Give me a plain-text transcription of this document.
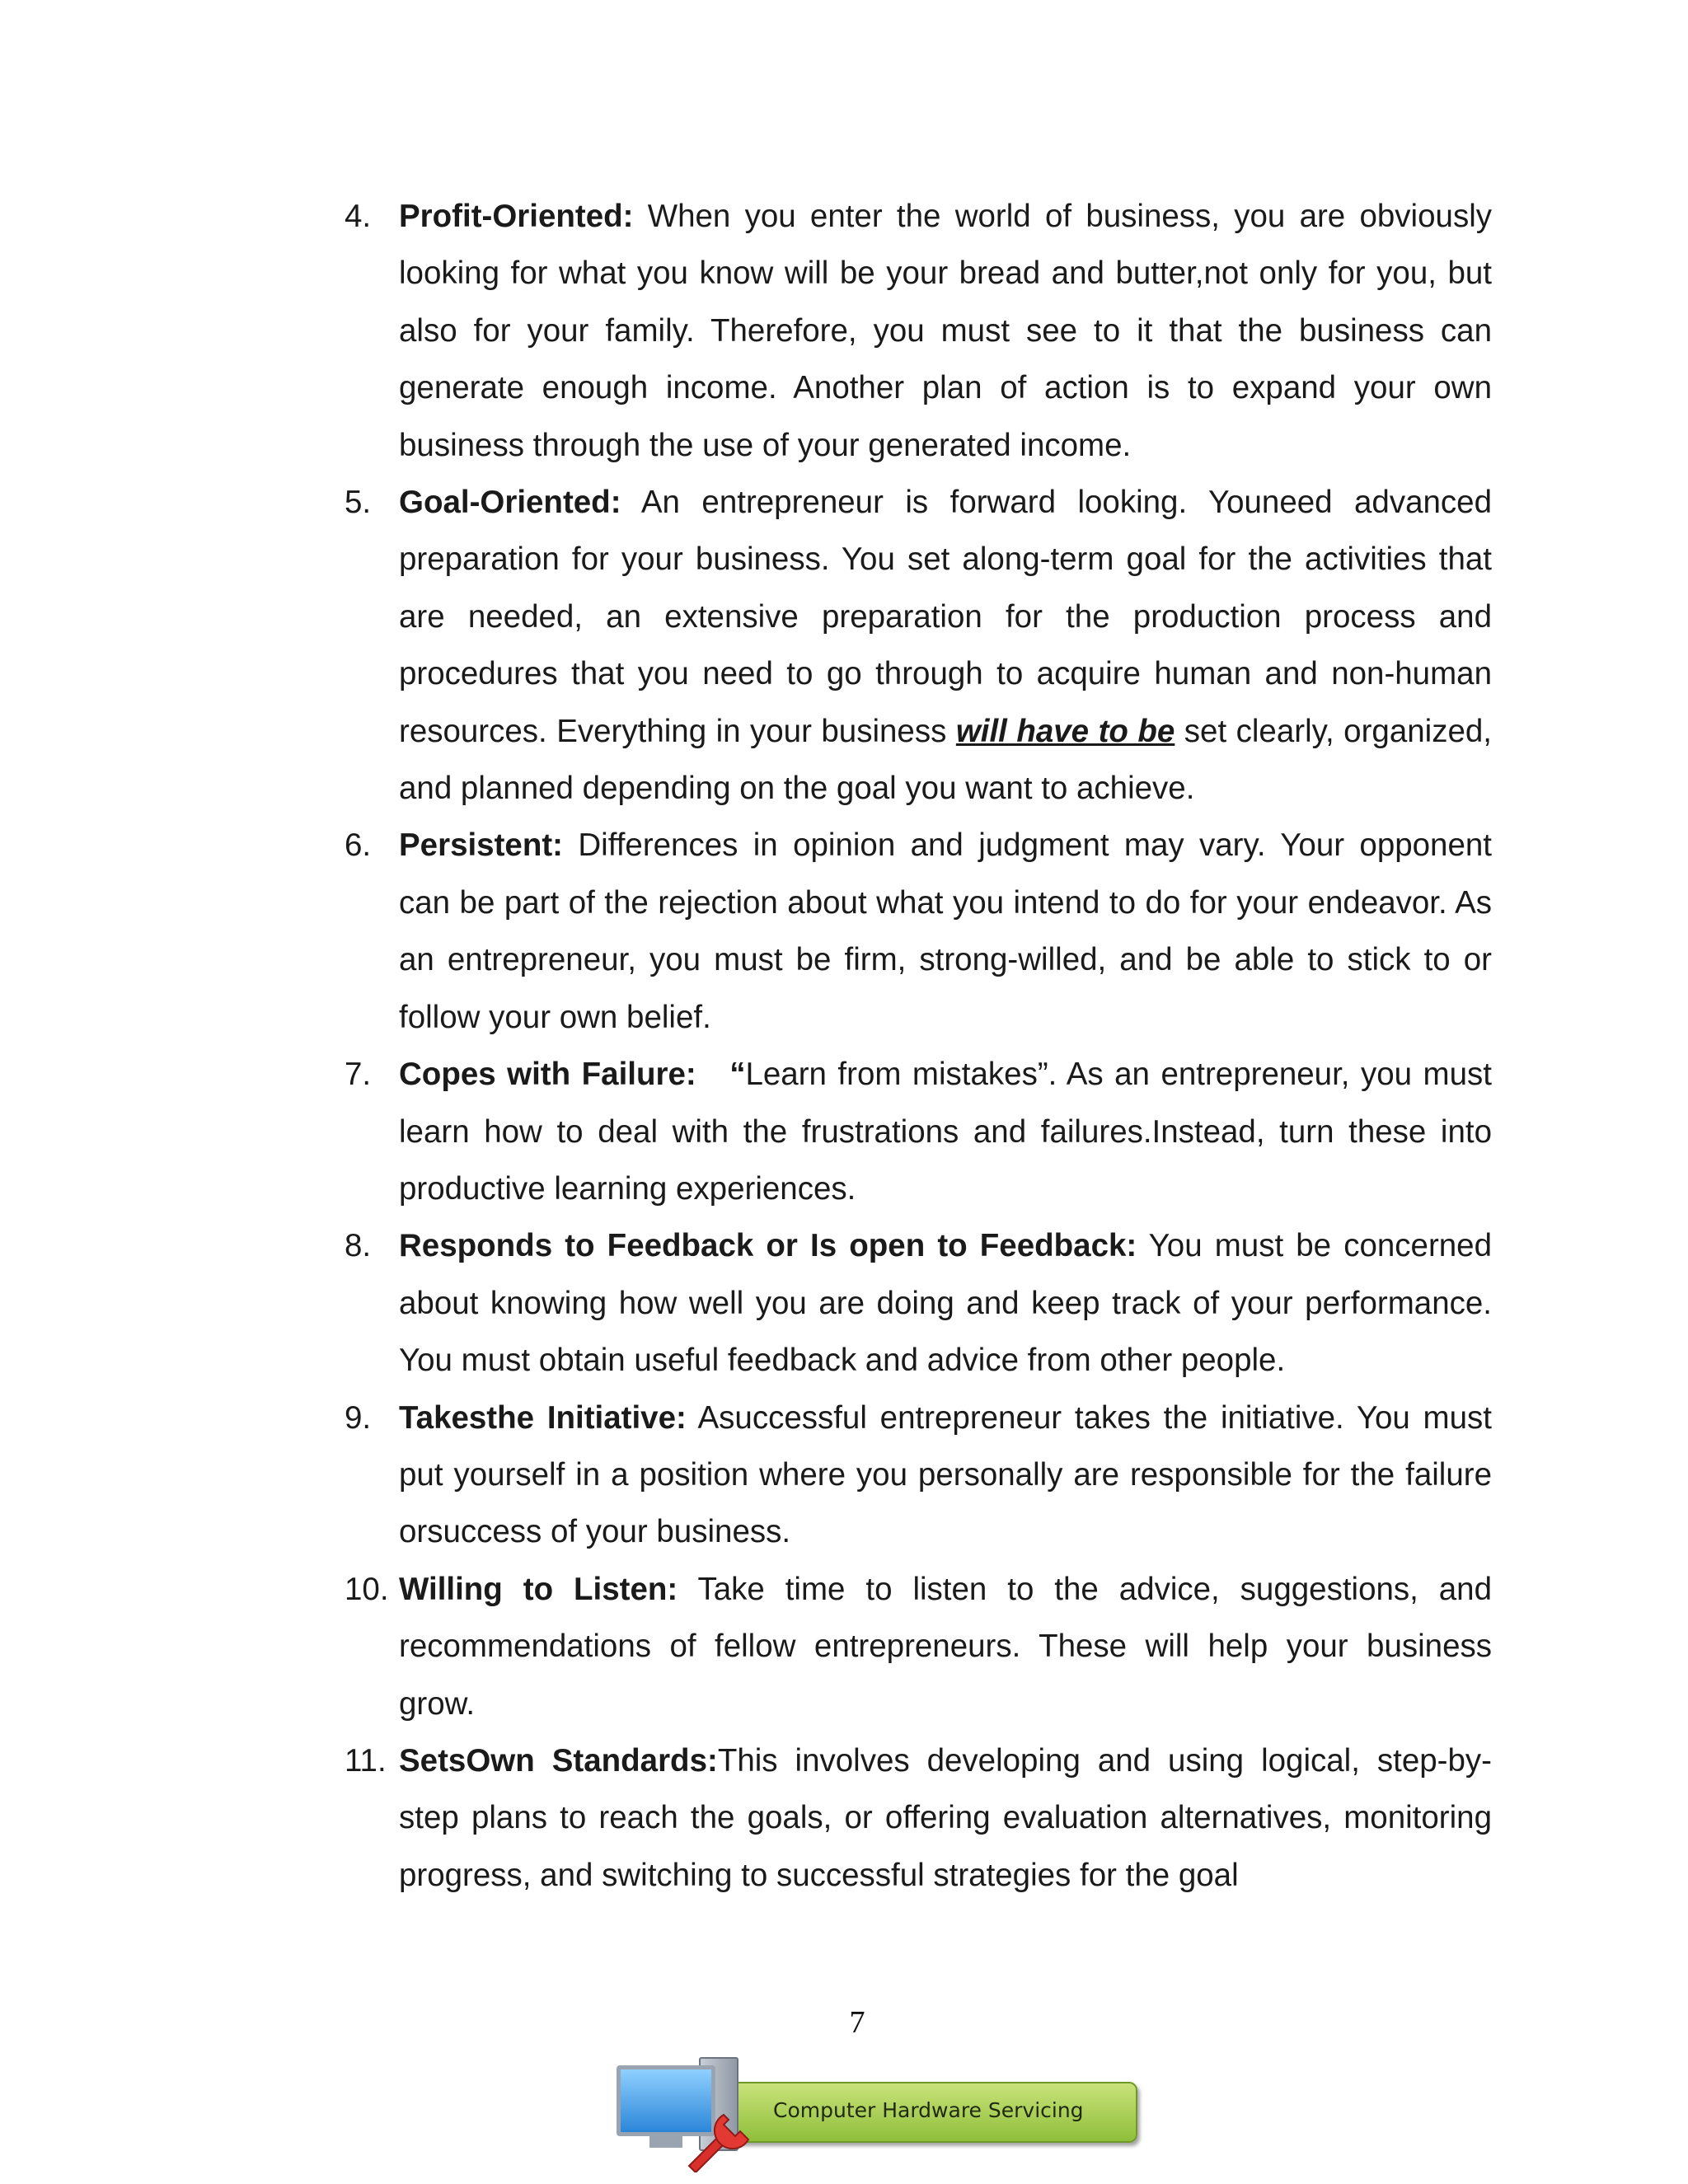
4. Profit-Oriented: When you enter the world of business, you are obviously looking for what you know will be your bread and butter,not only for you, but also for your family. Therefore, you must see to it that the business can generate enough income. Another plan of action is to expand your own business through the use of your generated income.
5. Goal-Oriented: An entrepreneur is forward looking. Youneed advanced preparation for your business. You set along-term goal for the activities that are needed, an extensive preparation for the production process and procedures that you need to go through to acquire human and non-human resources. Everything in your business will have to be set clearly, organized, and planned depending on the goal you want to achieve.
6. Persistent: Differences in opinion and judgment may vary. Your opponent can be part of the rejection about what you intend to do for your endeavor. As an entrepreneur, you must be firm, strong-willed, and be able to stick to or follow your own belief.
7. Copes with Failure: “Learn from mistakes”. As an entrepreneur, you must learn how to deal with the frustrations and failures.Instead, turn these into productive learning experiences.
8. Responds to Feedback or Is open to Feedback: You must be concerned about knowing how well you are doing and keep track of your performance. You must obtain useful feedback and advice from other people.
9. Takesthe Initiative: Asuccessful entrepreneur takes the initiative. You must put yourself in a position where you personally are responsible for the failure orsuccess of your business.
10. Willing to Listen: Take time to listen to the advice, suggestions, and recommendations of fellow entrepreneurs. These will help your business grow.
11. SetsOwn Standards:This involves developing and using logical, step-by-step plans to reach the goals, or offering evaluation alternatives, monitoring progress, and switching to successful strategies for the goal
7
Computer Hardware Servicing
